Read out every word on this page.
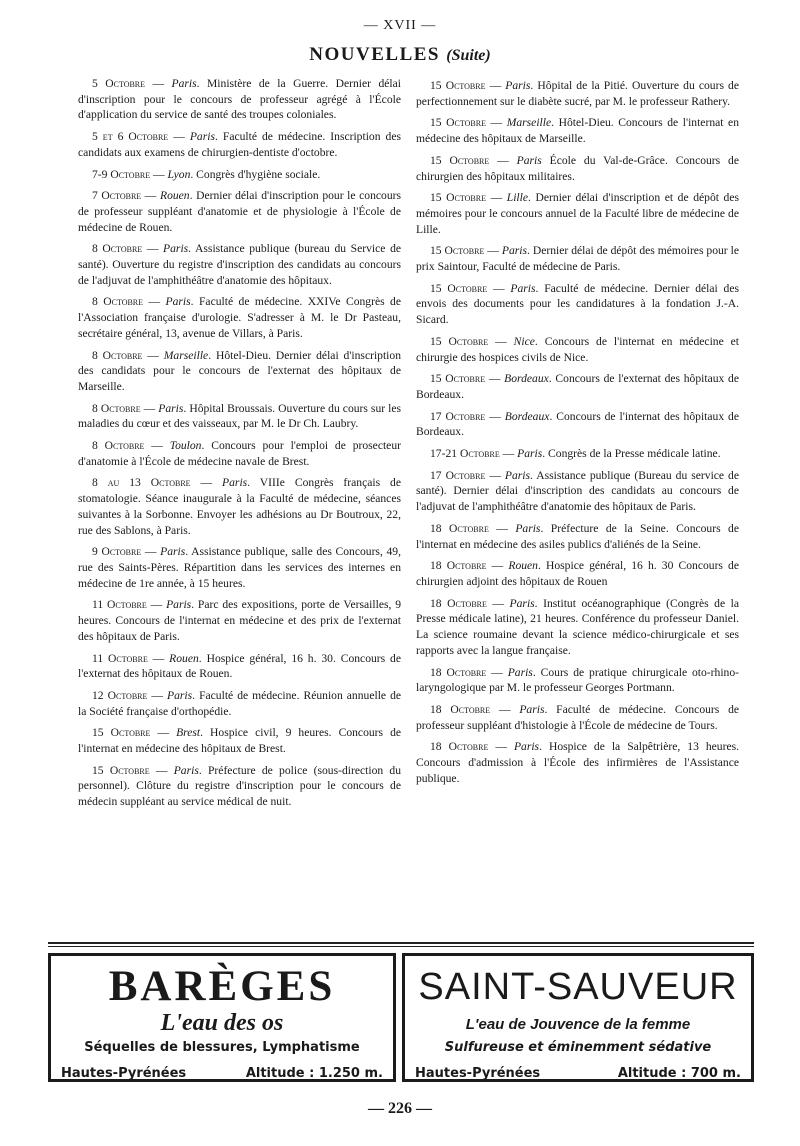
— XVII —
NOUVELLES (Suite)

5 Octobre — Paris. Ministère de la Guerre. Dernier délai d'inscription pour le concours de professeur agrégé à l'École d'application du service de santé des troupes coloniales.

5 et 6 Octobre — Paris. Faculté de médecine. Inscription des candidats aux examens de chirurgien-dentiste d'octobre.

7-9 Octobre — Lyon. Congrès d'hygiène sociale.

7 Octobre — Rouen. Dernier délai d'inscription pour le concours de professeur suppléant d'anatomie et de physiologie à l'École de médecine de Rouen.

8 Octobre — Paris. Assistance publique (bureau du Service de santé). Ouverture du registre d'inscription des candidats au concours de l'adjuvat de l'amphithéâtre d'anatomie des hôpitaux.

8 Octobre — Paris. Faculté de médecine. XXIVe Congrès de l'Association française d'urologie. S'adresser à M. le Dr Pasteau, secrétaire général, 13, avenue de Villars, à Paris.

8 Octobre — Marseille. Hôtel-Dieu. Dernier délai d'inscription des candidats pour le concours de l'externat des hôpitaux de Marseille.

8 Octobre — Paris. Hôpital Broussais. Ouverture du cours sur les maladies du cœur et des vaisseaux, par M. le Dr Ch. Laubry.

8 Octobre — Toulon. Concours pour l'emploi de prosecteur d'anatomie à l'École de médecine navale de Brest.

8 au 13 Octobre — Paris. VIIIe Congrès français de stomatologie. Séance inaugurale à la Faculté de médecine, séances suivantes à la Sorbonne. Envoyer les adhésions au Dr Boutroux, 22, rue des Sablons, à Paris.

9 Octobre — Paris. Assistance publique, salle des Concours, 49, rue des Saints-Pères. Répartition dans les services des internes en médecine de 1re année, à 15 heures.

11 Octobre — Paris. Parc des expositions, porte de Versailles, 9 heures. Concours de l'internat en médecine et des prix de l'externat des hôpitaux de Paris.

11 Octobre — Rouen. Hospice général, 16 h. 30. Concours de l'externat des hôpitaux de Rouen.

12 Octobre — Paris. Faculté de médecine. Réunion annuelle de la Société française d'orthopédie.

15 Octobre — Brest. Hospice civil, 9 heures. Concours de l'internat en médecine des hôpitaux de Brest.

15 Octobre — Paris. Préfecture de police (sous-direction du personnel). Clôture du registre d'inscription pour le concours de médecin suppléant au service médical de nuit.

15 Octobre — Paris. Hôpital de la Pitié. Ouverture du cours de perfectionnement sur le diabète sucré, par M. le professeur Rathery.

15 Octobre — Marseille. Hôtel-Dieu. Concours de l'internat en médecine des hôpitaux de Marseille.

15 Octobre — Paris École du Val-de-Grâce. Concours de chirurgien des hôpitaux militaires.

15 Octobre — Lille. Dernier délai d'inscription et de dépôt des mémoires pour le concours annuel de la Faculté libre de médecine de Lille.

15 Octobre — Paris. Dernier délai de dépôt des mémoires pour le prix Saintour, Faculté de médecine de Paris.

15 Octobre — Paris. Faculté de médecine. Dernier délai des envois des documents pour les candidatures à la fondation J.-A. Sicard.

15 Octobre — Nice. Concours de l'internat en médecine et chirurgie des hospices civils de Nice.

15 Octobre — Bordeaux. Concours de l'externat des hôpitaux de Bordeaux.

17 Octobre — Bordeaux. Concours de l'internat des hôpitaux de Bordeaux.

17-21 Octobre — Paris. Congrès de la Presse médicale latine.

17 Octobre — Paris. Assistance publique (Bureau du service de santé). Dernier délai d'inscription des candidats au concours de l'adjuvat de l'amphithéâtre d'anatomie des hôpitaux de Paris.

18 Octobre — Paris. Préfecture de la Seine. Concours de l'internat en médecine des asiles publics d'aliénés de la Seine.

18 Octobre — Rouen. Hospice général, 16 h. 30 Concours de chirurgien adjoint des hôpitaux de Rouen

18 Octobre — Paris. Institut océanographique (Congrès de la Presse médicale latine), 21 heures. Conférence du professeur Daniel. La science roumaine devant la science médico-chirurgicale et ses rapports avec la langue française.

18 Octobre — Paris. Cours de pratique chirurgicale oto-rhino-laryngologique par M. le professeur Georges Portmann.

18 Octobre — Paris. Faculté de médecine. Concours de professeur suppléant d'histologie à l'École de médecine de Tours.

18 Octobre — Paris. Hospice de la Salpêtrière, 13 heures. Concours d'admission à l'École des infirmières de l'Assistance publique.

BARÈGES
L'eau des os
Séquelles de blessures, Lymphatisme
Hautes-Pyrénées	Altitude : 1.250 m.
SAINT-SAUVEUR
L'eau de Jouvence de la femme
Sulfureuse et éminemment sédative
Hautes-Pyrénées	Altitude : 700 m.
— 226 —
